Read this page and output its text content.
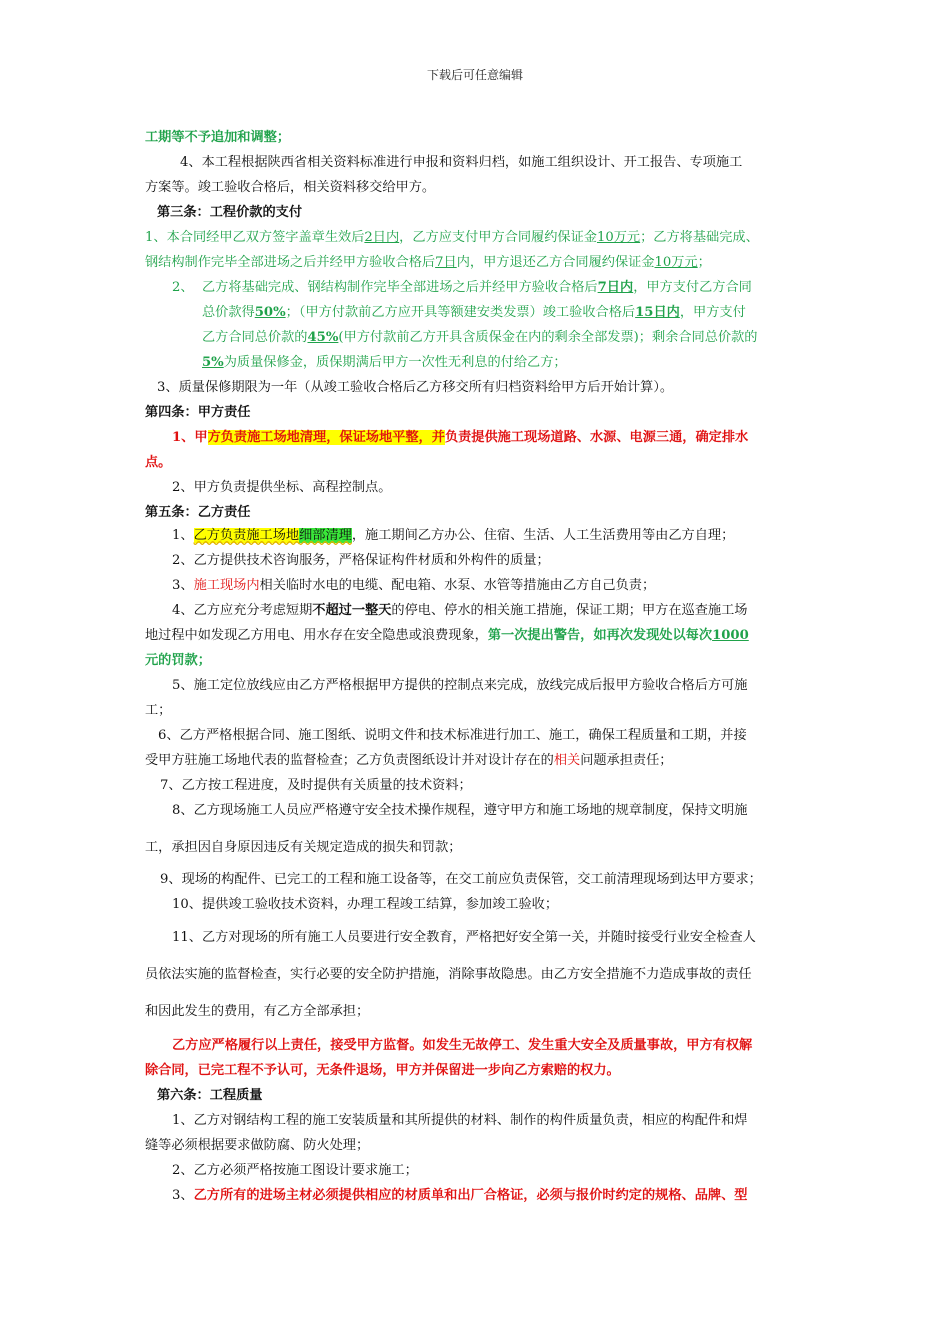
下载后可任意编辑

工期等不予追加和调整；

4、本工程根据陕西省相关资料标准进行申报和资料归档，如施工组织设计、开工报告、专项施工

方案等。竣工验收合格后，相关资料移交给甲方。

第三条：工程价款的支付

1、本合同经甲乙双方签字盖章生效后2日内，乙方应支付甲方合同履约保证金10万元；乙方将基础完成、
钢结构制作完毕全部进场之后并经甲方验收合格后7日内，甲方退还乙方合同履约保证金10万元；

2、 乙方将基础完成、钢结构制作完毕全部进场之后并经甲方验收合格后7日内，甲方支付乙方合同

总价款得50%；（甲方付款前乙方应开具等额建安类发票）竣工验收合格后15日内，甲方支付
乙方合同总价款的45%(甲方付款前乙方开具含质保金在内的剩余全部发票)；剩余合同总价款的
5%为质量保修金，质保期满后甲方一次性无利息的付给乙方；

3、质量保修期限为一年（从竣工验收合格后乙方移交所有归档资料给甲方后开始计算）。

第四条：甲方责任

1、甲方负责施工场地清理，保证场地平整，并负责提供施工现场道路、水源、电源三通，确定排水
点。

2、甲方负责提供坐标、高程控制点。

第五条：乙方责任

1、乙方负责施工场地细部清理，施工期间乙方办公、住宿、生活、人工生活费用等由乙方自理；

2、乙方提供技术咨询服务，严格保证构件材质和外构件的质量；

3、施工现场内相关临时水电的电缆、配电箱、水泵、水管等措施由乙方自己负责；

4、乙方应充分考虑短期不超过一整天的停电、停水的相关施工措施，保证工期；甲方在巡查施工场
地过程中如发现乙方用电、用水存在安全隐患或浪费现象，第一次提出警告，如再次发现处以每次1000
元的罚款；

5、施工定位放线应由乙方严格根据甲方提供的控制点来完成，放线完成后报甲方验收合格后方可施

工；

6、乙方严格根据合同、施工图纸、说明文件和技术标准进行加工、施工，确保工程质量和工期，并接
受甲方驻施工场地代表的监督检查；乙方负责图纸设计并对设计存在的相关问题承担责任；

7、乙方按工程进度，及时提供有关质量的技术资料；

8、乙方现场施工人员应严格遵守安全技术操作规程，遵守甲方和施工场地的规章制度，保持文明施

工，承担因自身原因违反有关规定造成的损失和罚款；

9、现场的构配件、已完工的工程和施工设备等，在交工前应负责保管，交工前清理现场到达甲方要求；

10、提供竣工验收技术资料，办理工程竣工结算，参加竣工验收；

11、乙方对现场的所有施工人员要进行安全教育，严格把好安全第一关，并随时接受行业安全检查人

员依法实施的监督检查，实行必要的安全防护措施，消除事故隐患。由乙方安全措施不力造成事故的责任

和因此发生的费用，有乙方全部承担；

乙方应严格履行以上责任，接受甲方监督。如发生无故停工、发生重大安全及质量事故，甲方有权解

除合同，已完工程不予认可，无条件退场，甲方并保留进一步向乙方索赔的权力。

第六条：工程质量

1、乙方对钢结构工程的施工安装质量和其所提供的材料、制作的构件质量负责，相应的构配件和焊

缝等必须根据要求做防腐、防火处理；

2、乙方必须严格按施工图设计要求施工；

3、乙方所有的进场主材必须提供相应的材质单和出厂合格证，必须与报价时约定的规格、品牌、型
